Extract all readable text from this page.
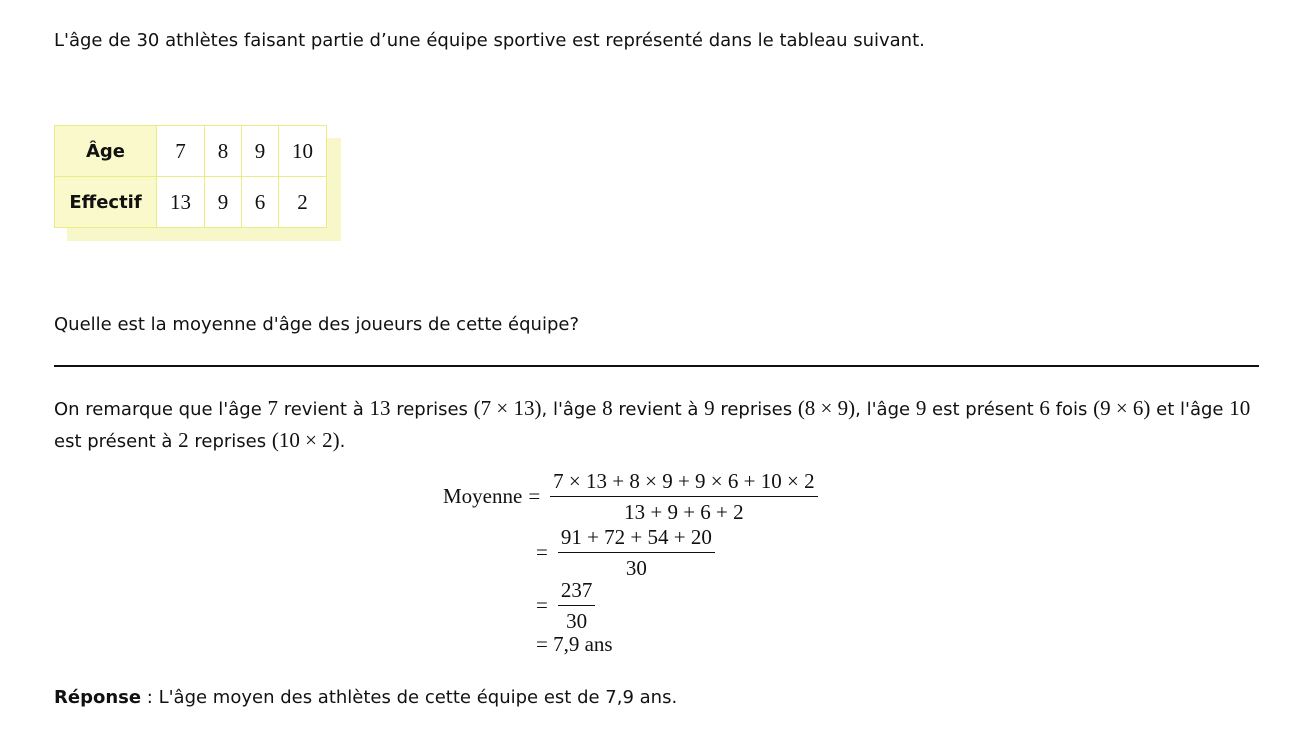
L'âge de 30 athlètes faisant partie d’une équipe sportive est représenté dans le tableau suivant.
Âge	7	8	9	10
Effectif	13	9	6	2
Quelle est la moyenne d'âge des joueurs de cette équipe?
On remarque que l'âge 7 revient à 13 reprises (7 × 13), l'âge 8 revient à 9 reprises (8 × 9), l'âge 9 est présent 6 fois (9 × 6) et l'âge 10 est présent à 2 reprises (10 × 2).
Moyenne = $\frac{7 \times 13 + 8 \times 9 + 9 \times 6 + 10 \times 2}{13 + 9 + 6 + 2}$
= $\frac{91 + 72 + 54 + 20}{30}$
= $\frac{237}{30}$
= 7,9 ans
Réponse : L'âge moyen des athlètes de cette équipe est de 7,9 ans.
